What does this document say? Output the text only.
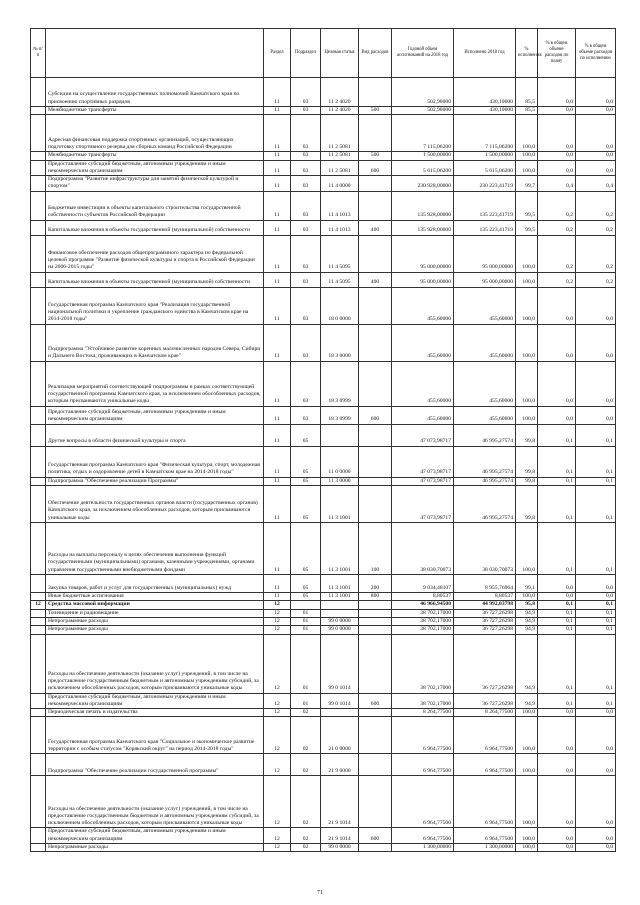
№ п/п		Раздел	Подраздел	Целевая статья	Вид расходов	Годовой объем ассигнований на 2018 год	Исполнено 2018 год	% исполнения	% в общем объеме расходов по плану	% в общем объеме расходов по исполнению
	Субсидии на осуществление государственных полномочий Камчатского края по присвоению спортивных разрядов	11	03	11 2 4020		502,90000	430,10000	85,5	0,0	0,0
	Межбюджетные трансферты	11	03	11 2 4020	500	502,90000	430,10000	85,5	0,0	0,0
	Адресная финансовая поддержка спортивных организаций, осуществляющих подготовку спортивного резерва для сборных команд Российской Федерации	11	03	11 2 5081		7 115,06200	7 115,06200	100,0	0,0	0,0
	Межбюджетные трансферты	11	03	11 2 5081	500	1 500,00000	1 500,00000	100,0	0,0	0,0
	Предоставление субсидий бюджетным, автономным учреждениям и иным некоммерческим организациям	11	03	11 2 5081	600	5 615,06200	5 615,06200	100,0	0,0	0,0
	Подпрограмма "Развитие инфраструктуры для занятий физической культурой и спортом"	11	03	11 4 0000		230 928,00000	230 223,41719	99,7	0,4	0,4
	Бюджетные инвестиции в объекты капитального строительства государственной собственности субъектов Российской Федерации	11	03	11 4 1013		135 928,00000	135 223,41719	99,5	0,2	0,2
	Капитальные вложения в объекты государственной (муниципальной) собственности	11	03	11 4 1013	400	135 928,00000	135 223,41719	99,5	0,2	0,2
	Финансовое обеспечение расходов общепрограммного характера по федеральной целевой программе "Развитие физической культуры и спорта в Российской Федерации на 2006-2015 годы"	11	03	11 4 5095		95 000,00000	95 000,00000	100,0	0,2	0,2
	Капитальные вложения в объекты государственной (муниципальной) собственности	11	03	11 4 5095	400	95 000,00000	95 000,00000	100,0	0,2	0,2
	Государственная программа Камчатского края "Реализация государственной национальной политики и укрепление гражданского единства в Камчатском крае на 2014-2018 годы"	11	03	18 0 0000		455,60000	455,60000	100,0	0,0	0,0
	Подпрограмма "Устойчивое развитие коренных малочисленных народов Севера, Сибири и Дальнего Востока, проживающих в Камчатском крае"	11	03	18 3 0000		455,60000	455,60000	100,0	0,0	0,0
	Реализация мероприятий соответствующей подпрограммы в рамках соответствующей государственной программы Камчатского края, за исключением обособленных расходов, которым присваиваются уникальные коды	11	03	18 3 0999		455,60000	455,60000	100,0	0,0	0,0
	Предоставление субсидий бюджетным, автономным учреждениям и иным некоммерческим организациям	11	03	18 3 0999	600	455,60000	455,60000	100,0	0,0	0,0
	Другие вопросы в области физической культуры и спорта	11	05			47 073,98717	46 995,27574	99,8	0,1	0,1
	Государственная программа Камчатского края "Физическая культура, спорт, молодежная политика, отдых и оздоровление детей в Камчатском крае на 2014-2018 годы"	11	05	11 0 0000		47 073,98717	46 995,27574	99,8	0,1	0,1
	Подпрограмма "Обеспечение реализации Программы"	11	05	11 3 0000		47 073,98717	46 995,27574	99,8	0,1	0,1
	Обеспечение деятельности государственных органов власти (государственных органов) Камчатского края, за исключением обособленных расходов, которым присваиваются уникальные коды	11	05	11 3 1001		47 073,98717	46 995,27574	99,8	0,1	0,1
	Расходы на выплаты персоналу в целях обеспечения выполнения функций государственными (муниципальными) органами, казенными учреждениями, органами управления государственными внебюджетными фондами	11	05	11 3 1001	100	38 030,70073	38 030,70073	100,0	0,1	0,1
	Закупка товаров, работ и услуг для государственных (муниципальных) нужд	11	05	11 3 1001	200	9 034,48107	8 955,76964	99,1	0,0	0,0
	Иные бюджетные ассигнования	11	05	11 3 1001	800	8,80537	8,80537	100,0	0,0	0,0
12	Средства массовой информации	12				46 966,94500	44 992,03798	95,8	0,1	0,1
	Телевидение и радиовещание	12	01			38 702,17000	36 727,26298	94,9	0,1	0,1
	Непрограммные расходы	12	01	99 0 0000		38 702,17000	36 727,26298	94,9	0,1	0,1
	Непрограммные расходы	12	01	99 0 0000		38 702,17000	36 727,26298	94,9	0,1	0,1
	Расходы на обеспечение деятельности (оказание услуг) учреждений, в том числе на предоставление государственным бюджетным и автономным учреждениям субсидий, за исключением обособленных расходов, которым присваиваются уникальные коды	12	01	99 0 1014		38 702,17000	36 727,26298	94,9	0,1	0,1
	Предоставление субсидий бюджетным, автономным учреждениям и иным некоммерческим организациям	12	01	99 0 1014	600	38 702,17000	36 727,26298	94,9	0,1	0,1
	Периодическая печать и издательства	12	02			8 264,77500	8 264,77500	100,0	0,0	0,0
	Государственная программа Камчатского края "Социальное и экономическое развитие территории с особым статусом "Корякский округ" на период 2014-2018 годы"	12	02	21 0 0000		6 964,77500	6 964,77500	100,0	0,0	0,0
	Подпрограмма "Обеспечение реализации государственной программы"	12	02	21 9 0000		6 964,77500	6 964,77500	100,0	0,0	0,0
	Расходы на обеспечение деятельности (оказание услуг) учреждений, в том числе на предоставление государственным бюджетным и автономным учреждениям субсидий, за исключением обособленных расходов, которым присваиваются уникальные коды	12	02	21 9 1014		6 964,77500	6 964,77500	100,0	0,0	0,0
	Предоставление субсидий бюджетным, автономным учреждениям и иным некоммерческим организациям	12	02	21 9 1014	600	6 964,77500	6 964,77500	100,0	0,0	0,0
	Непрограммные расходы	12	02	99 0 0000		1 300,00000	1 300,00000	100,0	0,0	0,0
71
